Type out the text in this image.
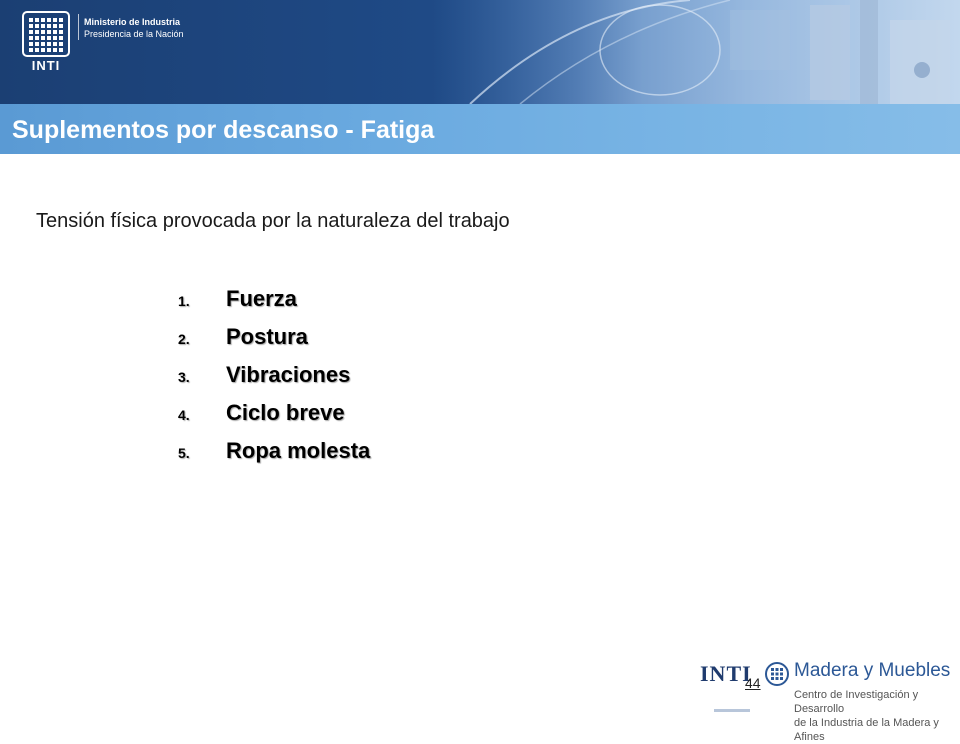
INTI
Ministerio de Industria
Presidencia de la Nación
Suplementos por descanso - Fatiga
Tensión física provocada por la naturaleza del trabajo
1.	Fuerza
2.	Postura
3.	Vibraciones
4.	Ciclo breve
5.	Ropa molesta
INTI Madera y Muebles
Centro de Investigación y Desarrollo
de la Industria de la Madera y Afines
44
